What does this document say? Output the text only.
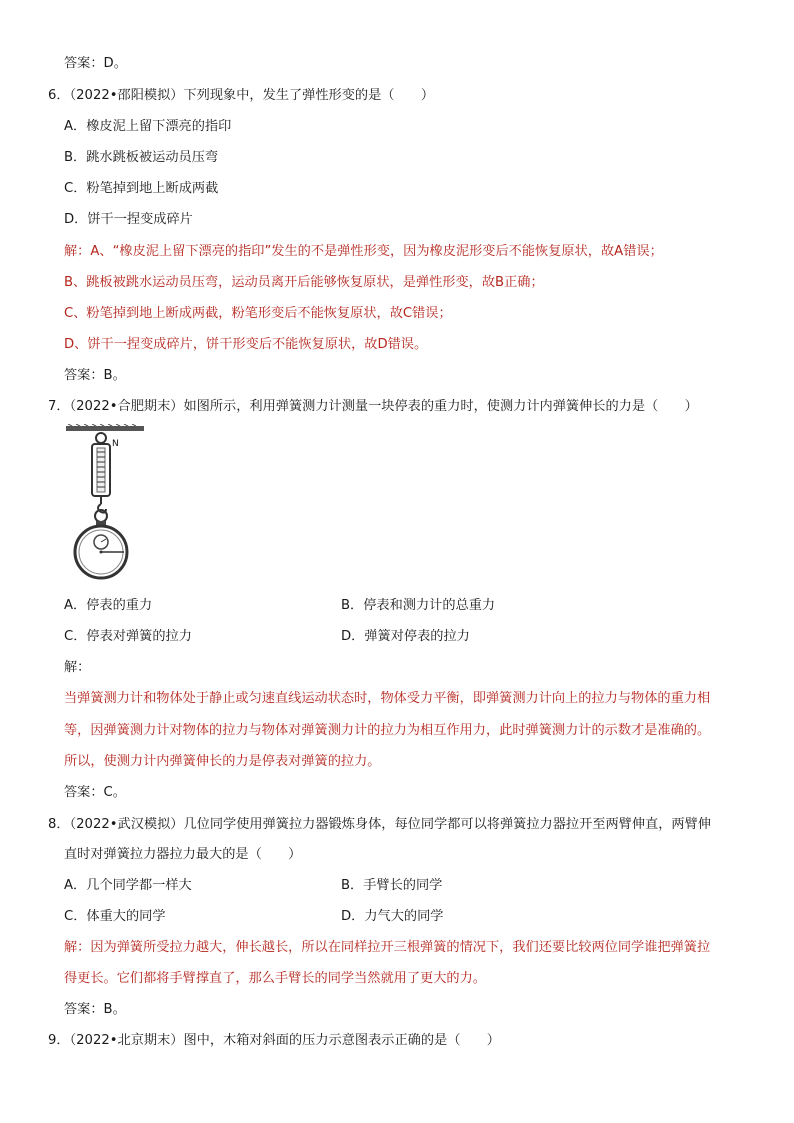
答案：D。
6．（2022•邵阳模拟）下列现象中，发生了弹性形变的是（　　）
A．橡皮泥上留下漂亮的指印
B．跳水跳板被运动员压弯
C．粉笔掉到地上断成两截
D．饼干一捏变成碎片
解：A、“橡皮泥上留下漂亮的指印”发生的不是弹性形变，因为橡皮泥形变后不能恢复原状，故A错误；
B、跳板被跳水运动员压弯，运动员离开后能够恢复原状，是弹性形变，故B正确；
C、粉笔掉到地上断成两截，粉笔形变后不能恢复原状，故C错误；
D、饼干一捏变成碎片，饼干形变后不能恢复原状，故D错误。
答案：B。
7．（2022•合肥期末）如图所示，利用弹簧测力计测量一块停表的重力时，使测力计内弹簧伸长的力是（　　）
N
A．停表的重力	B．停表和测力计的总重力
C．停表对弹簧的拉力	D．弹簧对停表的拉力
解：
当弹簧测力计和物体处于静止或匀速直线运动状态时，物体受力平衡，即弹簧测力计向上的拉力与物体的重力相
等，因弹簧测力计对物体的拉力与物体对弹簧测力计的拉力为相互作用力，此时弹簧测力计的示数才是准确的。
所以，使测力计内弹簧伸长的力是停表对弹簧的拉力。
答案：C。
8．（2022•武汉模拟）几位同学使用弹簧拉力器锻炼身体，每位同学都可以将弹簧拉力器拉开至两臂伸直，两臂伸
直时对弹簧拉力器拉力最大的是（　　）
A．几个同学都一样大	B．手臂长的同学
C．体重大的同学	D．力气大的同学
解：因为弹簧所受拉力越大，伸长越长，所以在同样拉开三根弹簧的情况下，我们还要比较两位同学谁把弹簧拉
得更长。它们都将手臂撑直了，那么手臂长的同学当然就用了更大的力。
答案：B。
9．（2022•北京期末）图中，木箱对斜面的压力示意图表示正确的是（　　）
